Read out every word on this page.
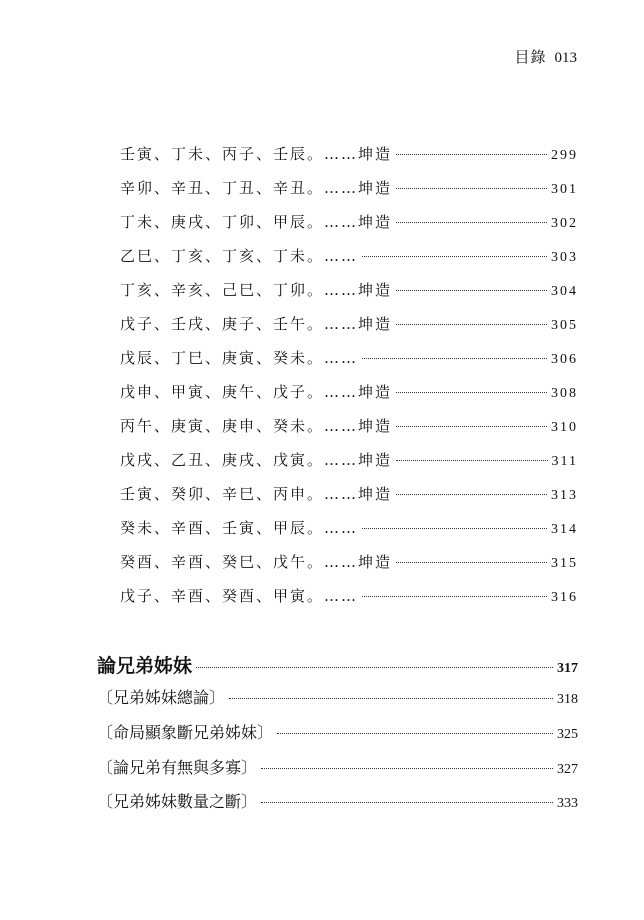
目錄 013
壬寅、丁未、丙子、壬辰。……坤造	299
辛卯、辛丑、丁丑、辛丑。……坤造	301
丁未、庚戌、丁卯、甲辰。……坤造	302
乙巳、丁亥、丁亥、丁未。……	303
丁亥、辛亥、己巳、丁卯。……坤造	304
戊子、壬戌、庚子、壬午。……坤造	305
戊辰、丁巳、庚寅、癸未。……	306
戊申、甲寅、庚午、戊子。……坤造	308
丙午、庚寅、庚申、癸未。……坤造	310
戊戌、乙丑、庚戌、戊寅。……坤造	311
壬寅、癸卯、辛巳、丙申。……坤造	313
癸未、辛酉、壬寅、甲辰。……	314
癸酉、辛酉、癸巳、戊午。……坤造	315
戊子、辛酉、癸酉、甲寅。……	316
論兄弟姊妹	317
〔兄弟姊妹總論〕	318
〔命局顯象斷兄弟姊妹〕	325
〔論兄弟有無與多寡〕	327
〔兄弟姊妹數量之斷〕	333
